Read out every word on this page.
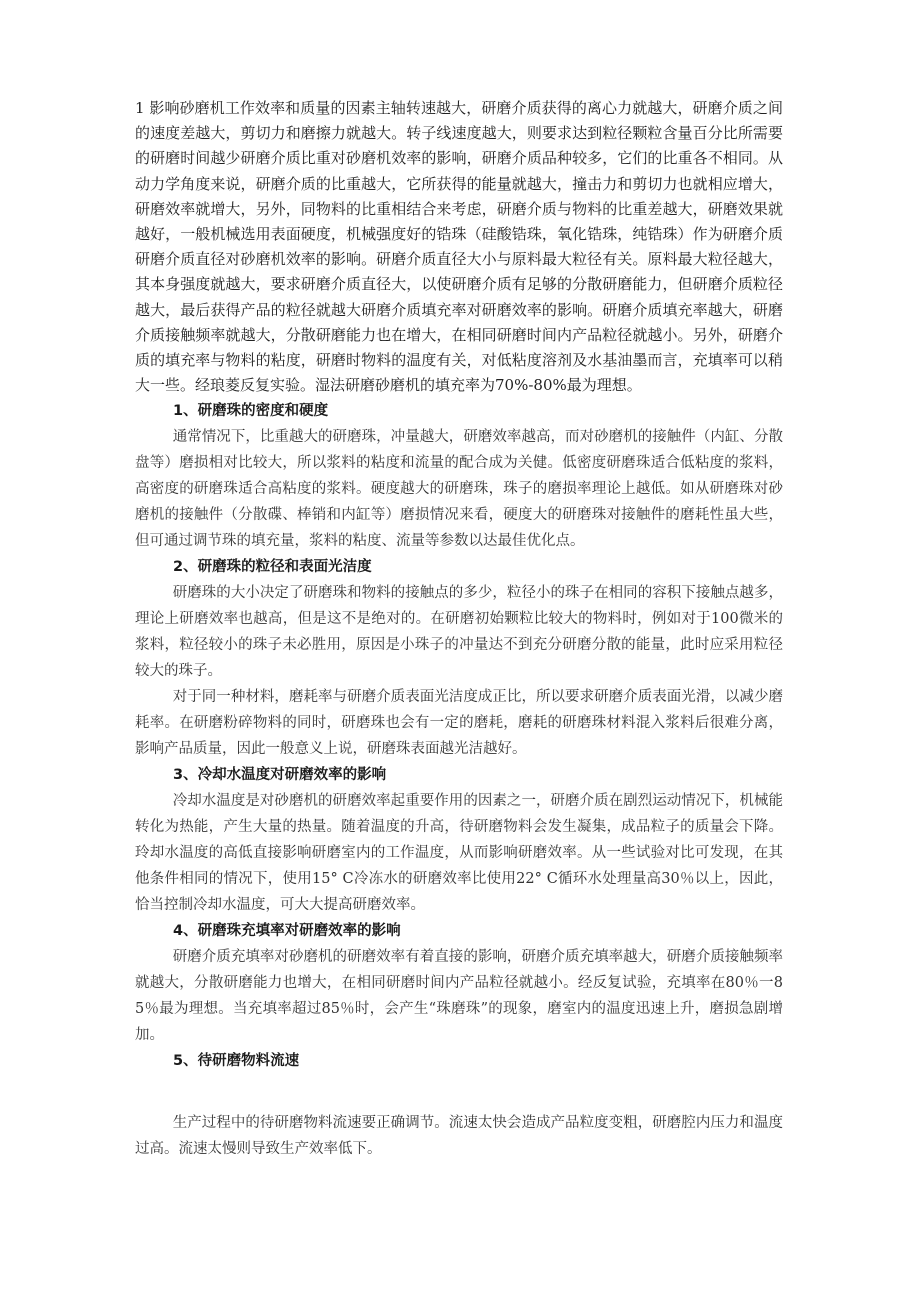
1 影响砂磨机工作效率和质量的因素主轴转速越大，研磨介质获得的离心力就越大，研磨介质之间的速度差越大，剪切力和磨擦力就越大。转子线速度越大，则要求达到粒径颗粒含量百分比所需要的研磨时间越少研磨介质比重对砂磨机效率的影响，研磨介质品种较多，它们的比重各不相同。从动力学角度来说，研磨介质的比重越大，它所获得的能量就越大，撞击力和剪切力也就相应增大，研磨效率就增大，另外，同物料的比重相结合来考虑，研磨介质与物料的比重差越大，研磨效果就越好，一般机械选用表面硬度，机械强度好的锆珠（硅酸锆珠，氧化锆珠，纯锆珠）作为研磨介质研磨介质直径对砂磨机效率的影响。研磨介质直径大小与原料最大粒径有关。原料最大粒径越大，其本身强度就越大，要求研磨介质直径大，以使研磨介质有足够的分散研磨能力，但研磨介质粒径越大，最后获得产品的粒径就越大研磨介质填充率对研磨效率的影响。研磨介质填充率越大，研磨介质接触频率就越大，分散研磨能力也在增大，在相同研磨时间内产品粒径就越小。另外，研磨介质的填充率与物料的粘度，研磨时物料的温度有关，对低粘度溶剂及水基油墨而言，充填率可以稍大一些。经琅菱反复实验。湿法研磨砂磨机的填充率为70%-80%最为理想。

1、研磨珠的密度和硬度

通常情况下，比重越大的研磨珠，冲量越大，研磨效率越高，而对砂磨机的接触件（内缸、分散盘等）磨损相对比较大，所以浆料的粘度和流量的配合成为关健。低密度研磨珠适合低粘度的浆料，高密度的研磨珠适合高粘度的浆料。硬度越大的研磨珠，珠子的磨损率理论上越低。如从研磨珠对砂磨机的接触件（分散碟、棒销和内缸等）磨损情况来看，硬度大的研磨珠对接触件的磨耗性虽大些，但可通过调节珠的填充量，浆料的粘度、流量等参数以达最佳优化点。

2、研磨珠的粒径和表面光洁度

研磨珠的大小决定了研磨珠和物料的接触点的多少，粒径小的珠子在相同的容积下接触点越多，理论上研磨效率也越高，但是这不是绝对的。在研磨初始颗粒比较大的物料时，例如对于100微米的浆料，粒径较小的珠子未必胜用，原因是小珠子的冲量达不到充分研磨分散的能量，此时应采用粒径较大的珠子。

对于同一种材料，磨耗率与研磨介质表面光洁度成正比，所以要求研磨介质表面光滑，以减少磨耗率。在研磨粉碎物料的同时，研磨珠也会有一定的磨耗，磨耗的研磨珠材料混入浆料后很难分离，影响产品质量，因此一般意义上说，研磨珠表面越光洁越好。

3、冷却水温度对研磨效率的影响

冷却水温度是对砂磨机的研磨效率起重要作用的因素之一，研磨介质在剧烈运动情况下，机械能转化为热能，产生大量的热量。随着温度的升高，待研磨物料会发生凝集，成品粒子的质量会下降。玲却水温度的高低直接影响研磨室内的工作温度，从而影响研磨效率。从一些试验对比可发现，在其他条件相同的情况下，使用15° C冷冻水的研磨效率比使用22° C循环水处理量高30％以上，因此，恰当控制冷却水温度，可大大提高研磨效率。

4、研磨珠充填率对研磨效率的影响

研磨介质充填率对砂磨机的研磨效率有着直接的影响，研磨介质充填率越大，研磨介质接触频率就越大，分散研磨能力也增大，在相同研磨时间内产品粒径就越小。经反复试验，充填率在80％一85％最为理想。当充填率超过85％时，会产生“珠磨珠”的现象，磨室内的温度迅速上升，磨损急剧增加。

5、待研磨物料流速

生产过程中的待研磨物料流速要正确调节。流速太快会造成产品粒度变粗，研磨腔内压力和温度过高。流速太慢则导致生产效率低下。
